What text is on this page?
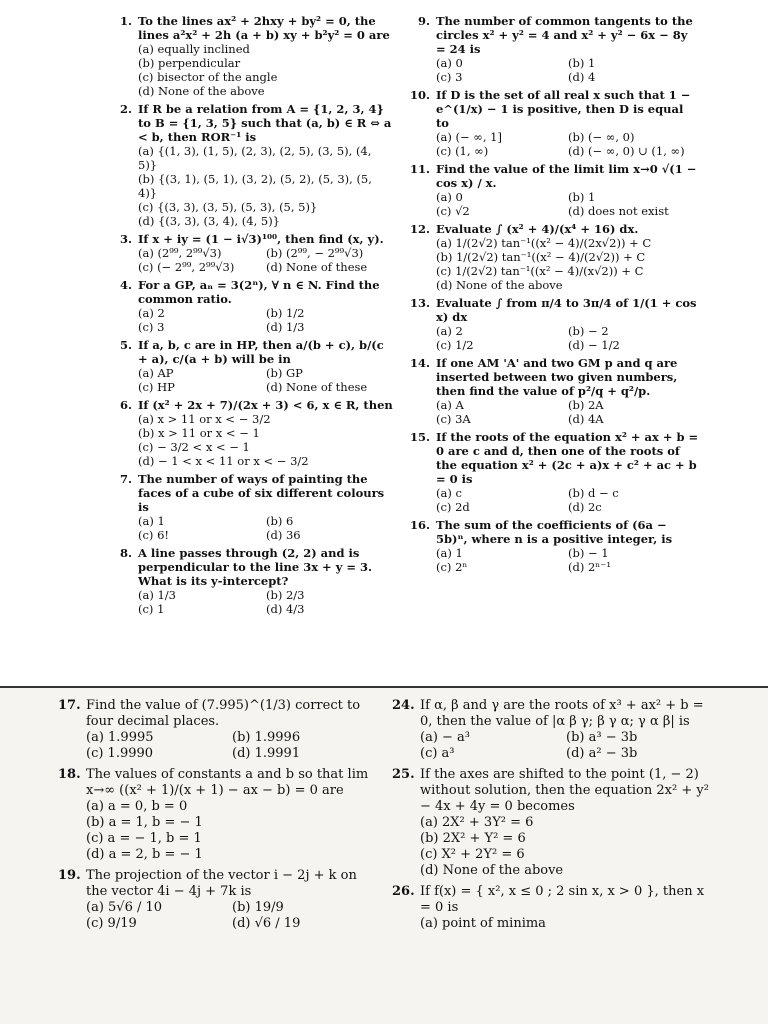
1. To the lines ax² + 2hxy + by² = 0, the lines a²x² + 2h (a + b) xy + b²y² = 0 are
(a) equally inclined
(b) perpendicular
(c) bisector of the angle
(d) None of the above
2. If R be a relation from A = {1, 2, 3, 4} to B = {1, 3, 5} such that (a, b) ∈ R ⇔ a < b, then ROR⁻¹ is
(a) {(1, 3), (1, 5), (2, 3), (2, 5), (3, 5), (4, 5)}
(b) {(3, 1), (5, 1), (3, 2), (5, 2), (5, 3), (5, 4)}
(c) {(3, 3), (3, 5), (5, 3), (5, 5)}
(d) {(3, 3), (3, 4), (4, 5)}
3. If x + iy = (1 − i√3)¹⁰⁰, then find (x, y).
(a) (2⁹⁹, 2⁹⁹√3)	(b) (2⁹⁹, − 2⁹⁹√3)
(c) (− 2⁹⁹, 2⁹⁹√3)	(d) None of these
4. For a GP, aₙ = 3(2ⁿ), ∀ n ∈ N. Find the common ratio.
(a) 2	(b) 1/2
(c) 3	(d) 1/3
5. If a, b, c are in HP, then a/(b + c), b/(c + a), c/(a + b) will be in
(a) AP	(b) GP
(c) HP	(d) None of these
6. If (x² + 2x + 7)/(2x + 3) < 6, x ∈ R, then
(a) x > 11 or x < − 3/2
(b) x > 11 or x < − 1
(c) − 3/2 < x < − 1
(d) − 1 < x < 11 or x < − 3/2
7. The number of ways of painting the faces of a cube of six different colours is
(a) 1	(b) 6
(c) 6!	(d) 36
8. A line passes through (2, 2) and is perpendicular to the line 3x + y = 3. What is its y-intercept?
(a) 1/3	(b) 2/3
(c) 1	(d) 4/3
9. The number of common tangents to the circles x² + y² = 4 and x² + y² − 6x − 8y = 24 is
(a) 0	(b) 1
(c) 3	(d) 4
10. If D is the set of all real x such that 1 − e^(1/x) − 1 is positive, then D is equal to
(a) (− ∞, 1]	(b) (− ∞, 0)
(c) (1, ∞)	(d) (− ∞, 0) ∪ (1, ∞)
11. Find the value of the limit lim x→0 √(1 − cos x) / x.
(a) 0	(b) 1
(c) √2	(d) does not exist
12. Evaluate ∫ (x² + 4)/(x⁴ + 16) dx.
(a) 1/(2√2) tan⁻¹((x² − 4)/(2x√2)) + C
(b) 1/(2√2) tan⁻¹((x² − 4)/(2√2)) + C
(c) 1/(2√2) tan⁻¹((x² − 4)/(x√2)) + C
(d) None of the above
13. Evaluate ∫ from π/4 to 3π/4 of 1/(1 + cos x) dx
(a) 2	(b) − 2
(c) 1/2	(d) − 1/2
14. If one AM 'A' and two GM p and q are inserted between two given numbers, then find the value of p²/q + q²/p.
(a) A	(b) 2A
(c) 3A	(d) 4A
15. If the roots of the equation x² + ax + b = 0 are c and d, then one of the roots of the equation x² + (2c + a)x + c² + ac + b = 0 is
(a) c	(b) d − c
(c) 2d	(d) 2c
16. The sum of the coefficients of (6a − 5b)ⁿ, where n is a positive integer, is
(a) 1	(b) − 1
(c) 2ⁿ	(d) 2ⁿ⁻¹
17. Find the value of (7.995)^(1/3) correct to four decimal places.
(a) 1.9995	(b) 1.9996
(c) 1.9990	(d) 1.9991
18. The values of constants a and b so that lim x→∞ ((x² + 1)/(x + 1) − ax − b) = 0 are
(a) a = 0, b = 0
(b) a = 1, b = − 1
(c) a = − 1, b = 1
(d) a = 2, b = − 1
19. The projection of the vector i − 2j + k on the vector 4i − 4j + 7k is
(a) 5√6 / 10	(b) 19/9
(c) 9/19	(d) √6 / 19
24. If α, β and γ are the roots of x³ + ax² + b = 0, then the value of |α β γ; β γ α; γ α β| is
(a) − a³	(b) a³ − 3b
(c) a³	(d) a² − 3b
25. If the axes are shifted to the point (1, − 2) without solution, then the equation 2x² + y² − 4x + 4y = 0 becomes
(a) 2X² + 3Y² = 6
(b) 2X² + Y² = 6
(c) X² + 2Y² = 6
(d) None of the above
26. If f(x) = { x², x ≤ 0 ; 2 sin x, x > 0 }, then x = 0 is
(a) point of minima
